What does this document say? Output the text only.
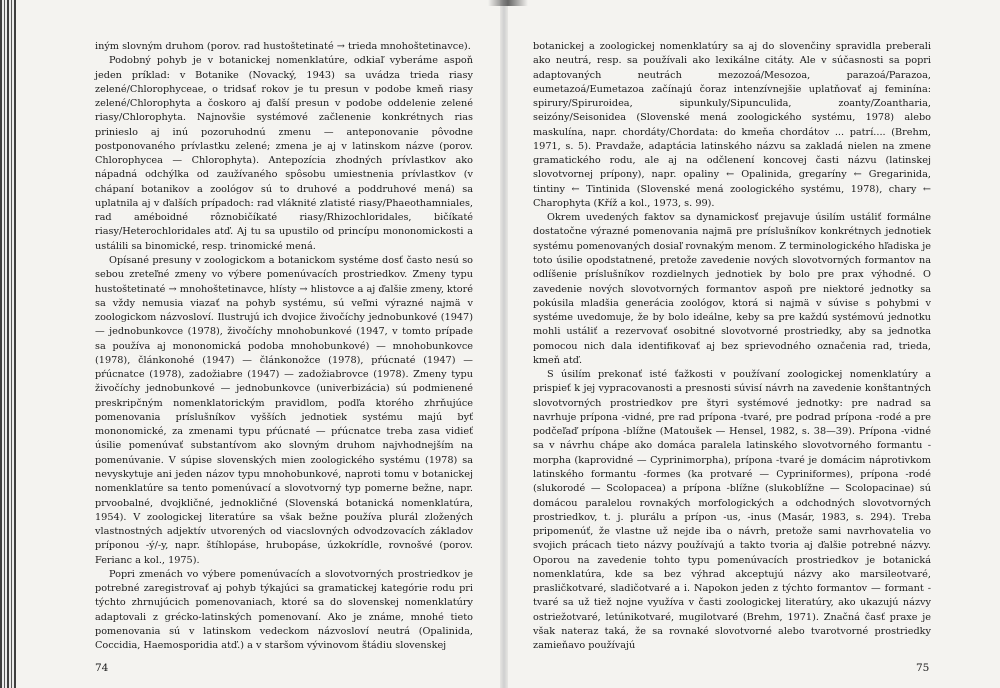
iným slovným druhom (porov. rad hustoštetinaté → trieda mnohoštetinavce).

Podobný pohyb je v botanickej nomenklatúre, odkiaľ vyberáme aspoň jeden príklad: v Botanike (Novacký, 1943) sa uvádza trieda riasy zelené/Chlorophyceae, o tridsať rokov je tu presun v podobe kmeň riasy zelené/Chlorophyta a čoskoro aj ďalší presun v podobe oddelenie zelené riasy/Chlorophyta. Najnovšie systémové začlenenie konkrétnych rias prinieslo aj inú pozoruhodnú zmenu — anteponovanie pôvodne postponovaného prívlastku zelené; zmena je aj v latinskom názve (porov. Chlorophycea — Chlorophyta). Antepozícia zhodných prívlastkov ako nápadná odchýlka od zaužívaného spôsobu umiestnenia prívlastkov (v chápaní botanikov a zoológov sú to druhové a poddruhové mená) sa uplatnila aj v ďalších prípadoch: rad vláknité zlatisté riasy/Phaeothamniales, rad améboidné rôznobičíkaté riasy/Rhizochloridales, bičíkaté riasy/Heterochloridales atď. Aj tu sa upustilo od princípu mononomickosti a ustálili sa binomické, resp. trinomické mená.

Opísané presuny v zoologickom a botanickom systéme dosť často nesú so sebou zreteľné zmeny vo výbere pomenúvacích prostriedkov. Zmeny typu hustoštetinaté → mnohoštetinavce, hlísty → hlistovce a aj ďalšie zmeny, ktoré sa vždy nemusia viazať na pohyb systému, sú veľmi výrazné najmä v zoologickom názvosloví. Ilustrujú ich dvojice živočíchy jednobunkové (1947) — jednobunkovce (1978), živočíchy mnohobunkové (1947, v tomto prípade sa používa aj mononomická podoba mnohobunkové) — mnohobunkovce (1978), článkonohé (1947) — článkonožce (1978), pŕúcnaté (1947) — pŕúcnatce (1978), zadožiabre (1947) — zadožiabrovce (1978). Zmeny typu živočíchy jednobunkové — jednobunkovce (univerbizácia) sú podmienené preskripčným nomenklatorickým pravidlom, podľa ktorého zhrňujúce pomenovania príslušníkov vyšších jednotiek systému majú byť mononomické, za zmenami typu pŕúcnaté — pŕúcnatce treba zasa vidieť úsilie pomenúvať substantívom ako slovným druhom najvhodnejším na pomenúvanie. V súpise slovenských mien zoologického systému (1978) sa nevyskytuje ani jeden názov typu mnohobunkové, naproti tomu v botanickej nomenklatúre sa tento pomenúvací a slovotvorný typ pomerne bežne, napr. prvoobalné, dvojkličné, jednokličné (Slovenská botanická nomenklatúra, 1954). V zoologickej literatúre sa však bežne používa plurál zložených vlastnostných adjektív utvorených od viacslovných odvodzovacích základov príponou -ý/-y, napr. štíhlopáse, hrubopáse, úzkokrídle, rovnošvé (porov. Ferianc a kol., 1975).

Popri zmenách vo výbere pomenúvacích a slovotvorných prostriedkov je potrebné zaregistrovať aj pohyb týkajúci sa gramatickej kategórie rodu pri týchto zhrnujúcich pomenovaniach, ktoré sa do slovenskej nomenklatúry adaptovali z grécko-latinských pomenovaní. Ako je známe, mnohé tieto pomenovania sú v latinskom vedeckom názvosloví neutrá (Opalinida, Coccidia, Haemosporidia atď.) a v staršom vývinovom štádiu slovenskej

74

botanickej a zoologickej nomenklatúry sa aj do slovenčiny spravidla preberali ako neutrá, resp. sa používali ako lexikálne citáty. Ale v súčasnosti sa popri adaptovaných neutrách mezozoá/Mesozoa, parazoá/Parazoa, eumetazoá/Eumetazoa začínajú čoraz intenzívnejšie uplatňovať aj feminína: spirury/Spiruroidea, sipunkuly/Sipunculida, zoanty/Zoantharia, seizóny/Seisonidea (Slovenské mená zoologického systému, 1978) alebo maskulína, napr. chordáty/Chordata: do kmeňa chordátov ... patrí.... (Brehm, 1971, s. 5). Pravdaže, adaptácia latinského názvu sa zakladá nielen na zmene gramatického rodu, ale aj na odčlenení koncovej časti názvu (latinskej slovotvornej prípony), napr. opaliny ← Opalinida, gregaríny ← Gregarinida, tintiny ← Tintinida (Slovenské mená zoologického systému, 1978), chary ← Charophyta (Kříž a kol., 1973, s. 99).

Okrem uvedených faktov sa dynamickosť prejavuje úsilím ustáliť formálne dostatočne výrazné pomenovania najmä pre príslušníkov konkrétnych jednotiek systému pomenovaných dosiaľ rovnakým menom. Z terminologického hľadiska je toto úsilie opodstatnené, pretože zavedenie nových slovotvorných formantov na odlíšenie príslušníkov rozdielnych jednotiek by bolo pre prax výhodné. O zavedenie nových slovotvorných formantov aspoň pre niektoré jednotky sa pokúsila mladšia generácia zoológov, ktorá si najmä v súvise s pohybmi v systéme uvedomuje, že by bolo ideálne, keby sa pre každú systémovú jednotku mohli ustáliť a rezervovať osobitné slovotvorné prostriedky, aby sa jednotka pomocou nich dala identifikovať aj bez sprievodného označenia rad, trieda, kmeň atď.

S úsilím prekonať isté ťažkosti v používaní zoologickej nomenklatúry a prispieť k jej vypracovanosti a presnosti súvisí návrh na zavedenie konštantných slovotvorných prostriedkov pre štyri systémové jednotky: pre nadrad sa navrhuje prípona -vidné, pre rad prípona -tvaré, pre podrad prípona -rodé a pre podčeľaď prípona -blížne (Matoušek — Hensel, 1982, s. 38—39). Prípona -vidné sa v návrhu chápe ako domáca paralela latinského slovotvorného formantu -morpha (kaprovidné — Cyprinimorpha), prípona -tvaré je domácim náprotivkom latinského formantu -formes (ka protvaré — Cypriniformes), prípona -rodé (slukorodé — Scolopacea) a prípona -blížne (slukoblížne — Scolopacinae) sú domácou paralelou rovnakých morfologických a odchodných slovotvorných prostriedkov, t. j. plurálu a prípon -us, -inus (Masár, 1983, s. 294). Treba pripomenúť, že vlastne už nejde iba o návrh, pretože sami navrhovatelia vo svojich prácach tieto názvy používajú a takto tvoria aj ďalšie potrebné názvy. Oporou na zavedenie tohto typu pomenúvacích prostriedkov je botanická nomenklatúra, kde sa bez výhrad akceptujú názvy ako marsileotvaré, prasličkotvaré, sladičotvaré a i. Napokon jeden z týchto formantov — formant -tvaré sa už tiež nojne využíva v časti zoologickej literatúry, ako ukazujú názvy ostriežotvaré, letúnikotvaré, mugilotvaré (Brehm, 1971). Značná časť praxe je však nateraz taká, že sa rovnaké slovotvorné alebo tvarotvorné prostriedky zamieňavo používajú

75
